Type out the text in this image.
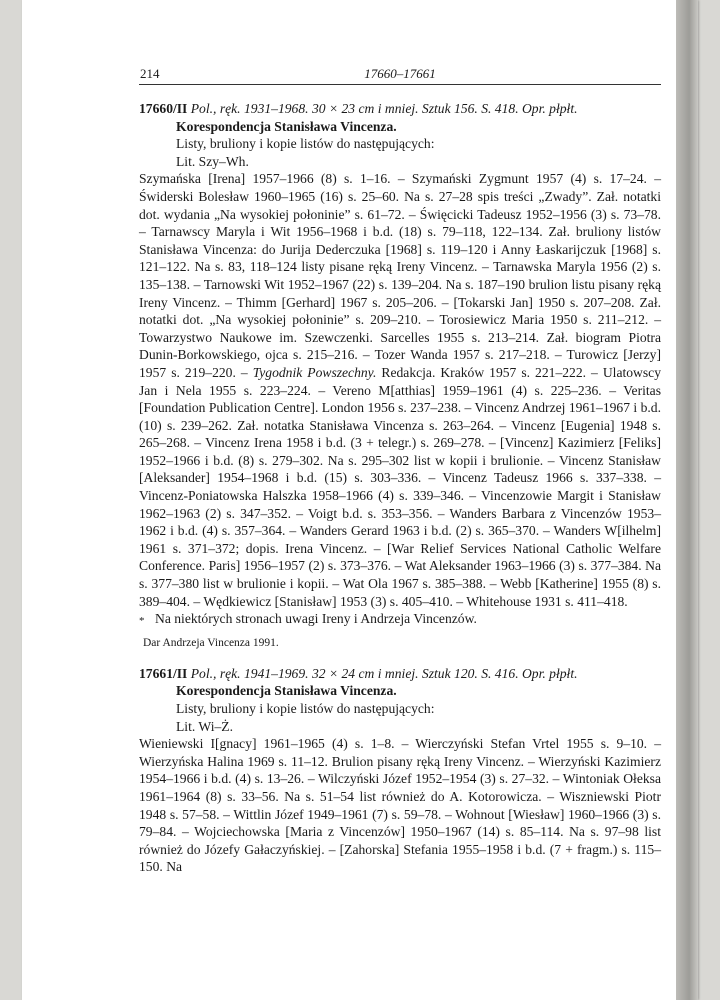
214	17660–17661

17660/II Pol., ręk. 1931–1968. 30 × 23 cm i mniej. Sztuk 156. S. 418. Opr. płpłt.

Korespondencja Stanisława Vincenza.
Listy, bruliony i kopie listów do następujących:
Lit. Szy–Wh.

Szymańska [Irena] 1957–1966 (8) s. 1–16. – Szymański Zygmunt 1957 (4) s. 17–24. – Świderski Bolesław 1960–1965 (16) s. 25–60. Na s. 27–28 spis treści „Zwady”. Zał. notatki dot. wydania „Na wysokiej połoninie” s. 61–72. – Święcicki Tadeusz 1952–1956 (3) s. 73–78. – Tarnawscy Maryla i Wit 1956–1968 i b.d. (18) s. 79–118, 122–134. Zał. bruliony listów Stanisława Vincenza: do Jurija Dederczuka [1968] s. 119–120 i Anny Łaskarijczuk [1968] s. 121–122. Na s. 83, 118–124 listy pisane ręką Ireny Vincenz. – Tarnawska Maryla 1956 (2) s. 135–138. – Tarnowski Wit 1952–1967 (22) s. 139–204. Na s. 187–190 brulion listu pisany ręką Ireny Vincenz. – Thimm [Gerhard] 1967 s. 205–206. – [Tokarski Jan] 1950 s. 207–208. Zał. notatki dot. „Na wysokiej połoninie” s. 209–210. – Torosiewicz Maria 1950 s. 211–212. – Towarzystwo Naukowe im. Szewczenki. Sarcelles 1955 s. 213–214. Zał. biogram Piotra Dunin-Borkowskiego, ojca s. 215–216. – Tozer Wanda 1957 s. 217–218. – Turowicz [Jerzy] 1957 s. 219–220. – Tygodnik Powszechny. Redakcja. Kraków 1957 s. 221–222. – Ulatowscy Jan i Nela 1955 s. 223–224. – Vereno M[atthias] 1959–1961 (4) s. 225–236. – Veritas [Foundation Publication Centre]. London 1956 s. 237–238. – Vincenz Andrzej 1961–1967 i b.d. (10) s. 239–262. Zał. notatka Stanisława Vincenza s. 263–264. – Vincenz [Eugenia] 1948 s. 265–268. – Vincenz Irena 1958 i b.d. (3 + telegr.) s. 269–278. – [Vincenz] Kazimierz [Feliks] 1952–1966 i b.d. (8) s. 279–302. Na s. 295–302 list w kopii i brulionie. – Vincenz Stanisław [Aleksander] 1954–1968 i b.d. (15) s. 303–336. – Vincenz Tadeusz 1966 s. 337–338. – Vincenz-Poniatowska Halszka 1958–1966 (4) s. 339–346. – Vincenzowie Margit i Stanisław 1962–1963 (2) s. 347–352. – Voigt b.d. s. 353–356. – Wanders Barbara z Vincenzów 1953–1962 i b.d. (4) s. 357–364. – Wanders Gerard 1963 i b.d. (2) s. 365–370. – Wanders W[ilhelm] 1961 s. 371–372; dopis. Irena Vincenz. – [War Relief Services National Catholic Welfare Conference. Paris] 1956–1957 (2) s. 373–376. – Wat Aleksander 1963–1966 (3) s. 377–384. Na s. 377–380 list w brulionie i kopii. – Wat Ola 1967 s. 385–388. – Webb [Katherine] 1955 (8) s. 389–404. – Wędkiewicz [Stanisław] 1953 (3) s. 405–410. – Whitehouse 1931 s. 411–418.

* Na niektórych stronach uwagi Ireny i Andrzeja Vincenzów.

Dar Andrzeja Vincenza 1991.

17661/II Pol., ręk. 1941–1969. 32 × 24 cm i mniej. Sztuk 120. S. 416. Opr. płpłt.

Korespondencja Stanisława Vincenza.
Listy, bruliony i kopie listów do następujących:
Lit. Wi–Ż.

Wieniewski I[gnacy] 1961–1965 (4) s. 1–8. – Wierczyński Stefan Vrtel 1955 s. 9–10. – Wierzyńska Halina 1969 s. 11–12. Brulion pisany ręką Ireny Vincenz. – Wierzyński Kazimierz 1954–1966 i b.d. (4) s. 13–26. – Wilczyński Józef 1952–1954 (3) s. 27–32. – Wintoniak Ołeksa 1961–1964 (8) s. 33–56. Na s. 51–54 list również do A. Kotorowicza. – Wiszniewski Piotr 1948 s. 57–58. – Wittlin Józef 1949–1961 (7) s. 59–78. – Wohnout [Wiesław] 1960–1966 (3) s. 79–84. – Wojciechowska [Maria z Vincenzów] 1950–1967 (14) s. 85–114. Na s. 97–98 list również do Józefy Gałaczyńskiej. – [Zahorska] Stefania 1955–1958 i b.d. (7 + fragm.) s. 115–150. Na
